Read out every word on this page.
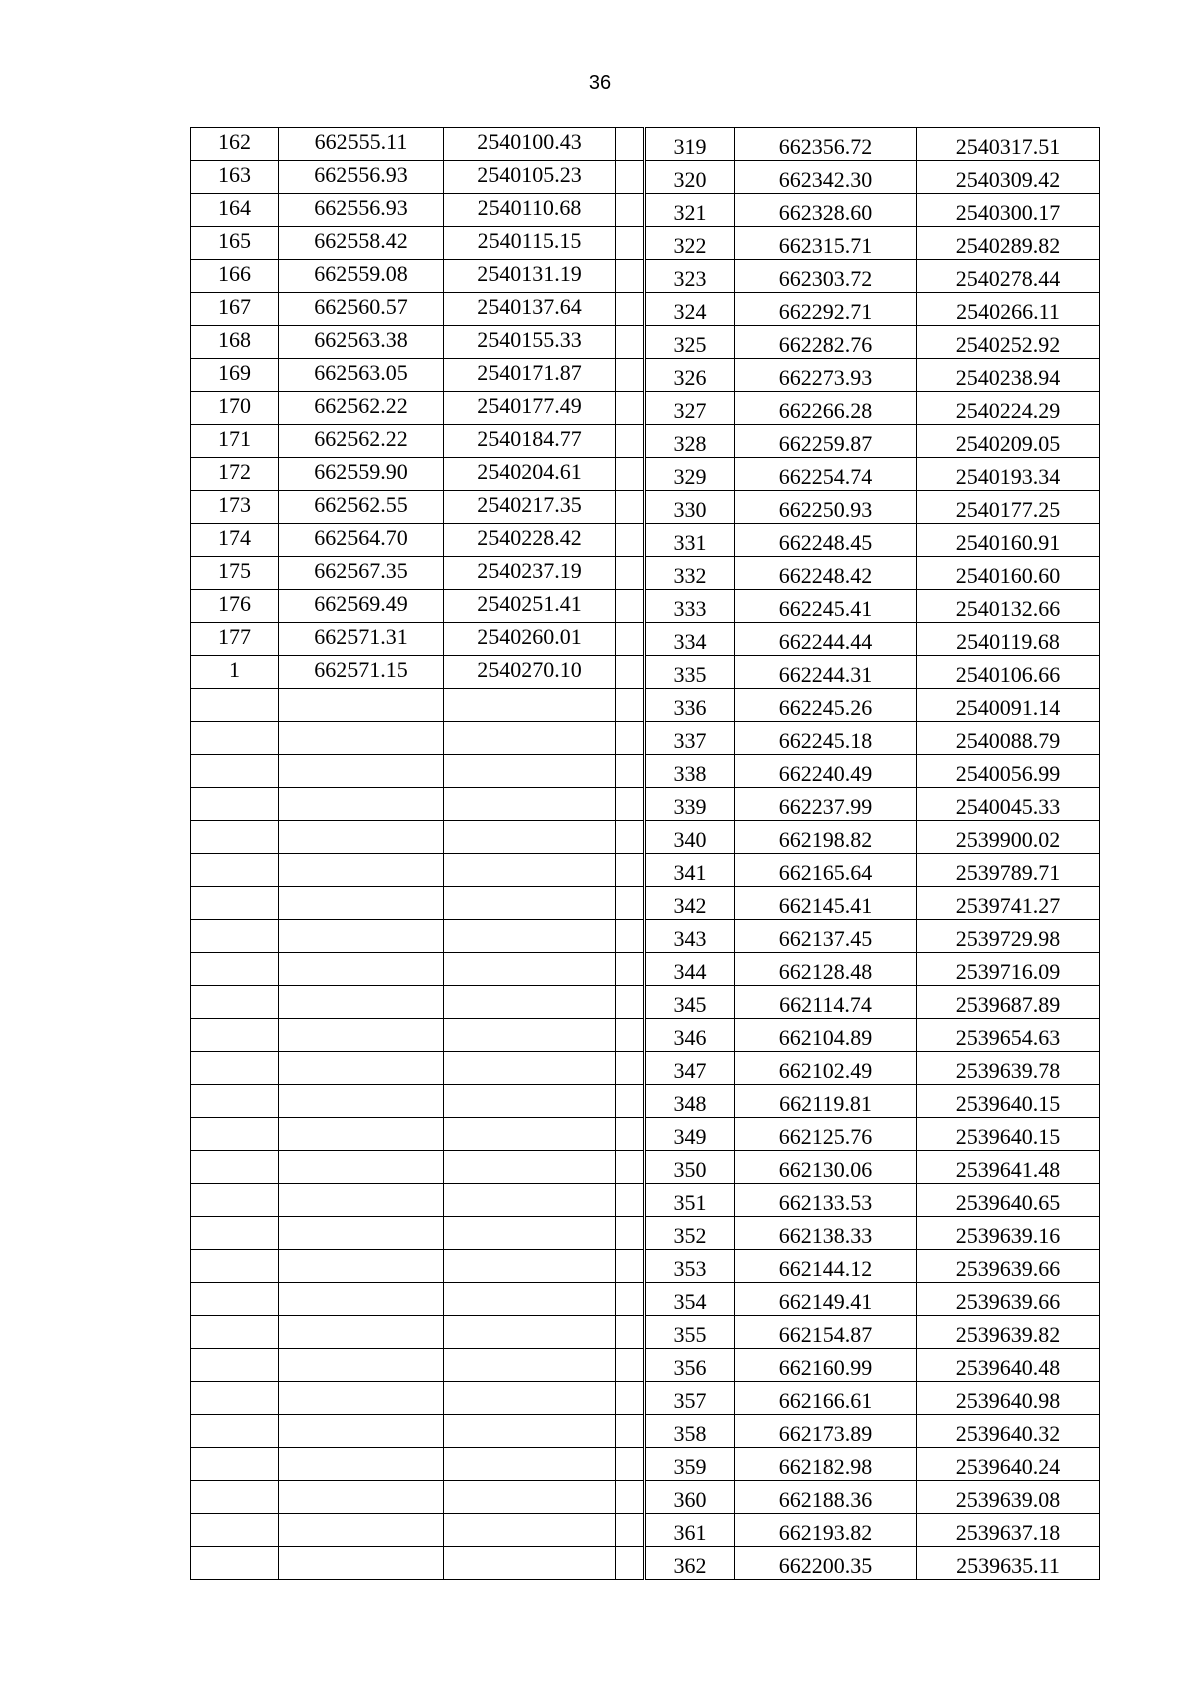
36
162	662555.11	2540100.43	
163	662556.93	2540105.23	
164	662556.93	2540110.68	
165	662558.42	2540115.15	
166	662559.08	2540131.19	
167	662560.57	2540137.64	
168	662563.38	2540155.33	
169	662563.05	2540171.87	
170	662562.22	2540177.49	
171	662562.22	2540184.77	
172	662559.90	2540204.61	
173	662562.55	2540217.35	
174	662564.70	2540228.42	
175	662567.35	2540237.19	
176	662569.49	2540251.41	
177	662571.31	2540260.01	
1	662571.15	2540270.10	

319	662356.72	2540317.51
320	662342.30	2540309.42
321	662328.60	2540300.17
322	662315.71	2540289.82
323	662303.72	2540278.44
324	662292.71	2540266.11
325	662282.76	2540252.92
326	662273.93	2540238.94
327	662266.28	2540224.29
328	662259.87	2540209.05
329	662254.74	2540193.34
330	662250.93	2540177.25
331	662248.45	2540160.91
332	662248.42	2540160.60
333	662245.41	2540132.66
334	662244.44	2540119.68
335	662244.31	2540106.66
336	662245.26	2540091.14
337	662245.18	2540088.79
338	662240.49	2540056.99
339	662237.99	2540045.33
340	662198.82	2539900.02
341	662165.64	2539789.71
342	662145.41	2539741.27
343	662137.45	2539729.98
344	662128.48	2539716.09
345	662114.74	2539687.89
346	662104.89	2539654.63
347	662102.49	2539639.78
348	662119.81	2539640.15
349	662125.76	2539640.15
350	662130.06	2539641.48
351	662133.53	2539640.65
352	662138.33	2539639.16
353	662144.12	2539639.66
354	662149.41	2539639.66
355	662154.87	2539639.82
356	662160.99	2539640.48
357	662166.61	2539640.98
358	662173.89	2539640.32
359	662182.98	2539640.24
360	662188.36	2539639.08
361	662193.82	2539637.18
362	662200.35	2539635.11
